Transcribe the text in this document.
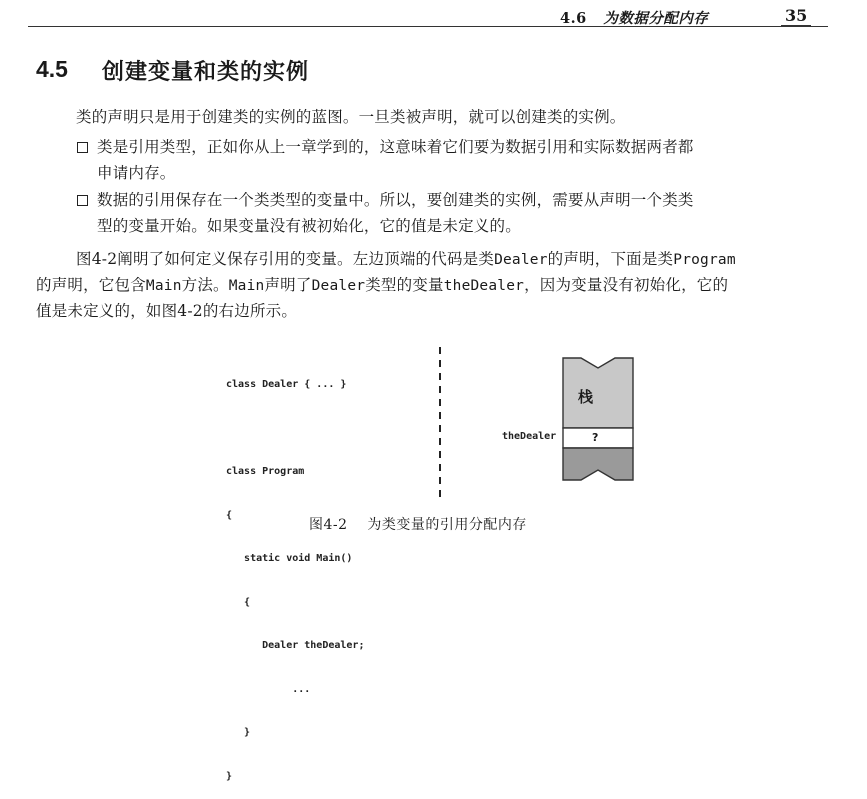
4.6 为数据分配内存	35
4.5 创建变量和类的实例
类的声明只是用于创建类的实例的蓝图。一旦类被声明，就可以创建类的实例。
类是引用类型，正如你从上一章学到的，这意味着它们要为数据引用和实际数据两者都
申请内存。
数据的引用保存在一个类类型的变量中。所以，要创建类的实例，需要从声明一个类类
型的变量开始。如果变量没有被初始化，它的值是未定义的。
图4-2阐明了如何定义保存引用的变量。左边顶端的代码是类Dealer的声明，下面是类Program
的声明，它包含Main方法。Main声明了Dealer类型的变量theDealer，因为变量没有初始化，它的
值是未定义的，如图4-2的右边所示。

class Dealer { ... }

class Program

{

static void Main()

{

Dealer theDealer;

...

}

}

栈
?
theDealer
图4-2 为类变量的引用分配内存
